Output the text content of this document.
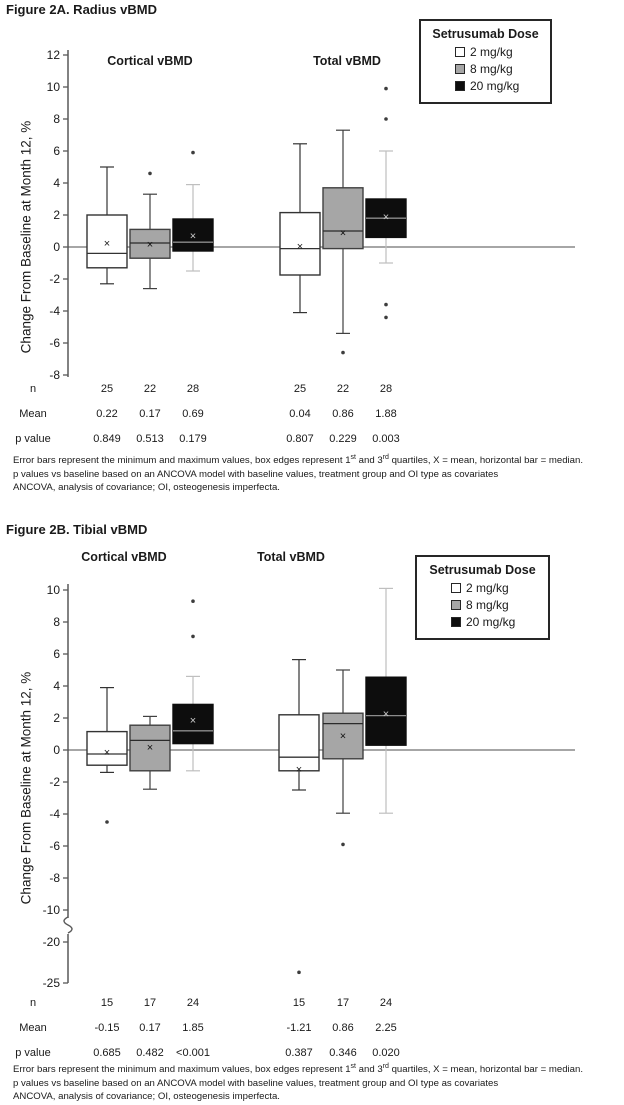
Figure 2A. Radius vBMD
12
10
8
6
4
2
0
-2
-4
-6
-8
×	×
×
×
×
×
Cortical vBMD	Total vBMD
Change From Baseline at Month 12, %
Setrusumab Dose
2 mg/kg
8 mg/kg
20 mg/kg
n	25	22	28	25	22	28
Mean	0.22 0.17 0.69	0.04 0.86 1.88
p value	0.849 0.513 0.179	0.807 0.229 0.003
Error bars represent the minimum and maximum values, box edges represent 1st and 3rd quartiles, X = mean, horizontal bar = median.
p values vs baseline based on an ANCOVA model with baseline values, treatment group and OI type as covariates
ANCOVA, analysis of covariance; OI, osteogenesis imperfecta.
Figure 2B. Tibial vBMD
10
8
6
4
2
0
-2
-4
-6
-8
-10
-20
-25
×	×
×
×
×
×
Cortical vBMD	Total vBMD
Change From Baseline at Month 12, %
Setrusumab Dose
2 mg/kg
8 mg/kg
20 mg/kg
n	15	17	24	15	17	24
Mean	-0.15 0.17 1.85	-1.21 0.86 2.25
p value	0.685 0.482 <0.001	0.387 0.346 0.020
Error bars represent the minimum and maximum values, box edges represent 1st and 3rd quartiles, X = mean, horizontal bar = median.
p values vs baseline based on an ANCOVA model with baseline values, treatment group and OI type as covariates
ANCOVA, analysis of covariance; OI, osteogenesis imperfecta.
